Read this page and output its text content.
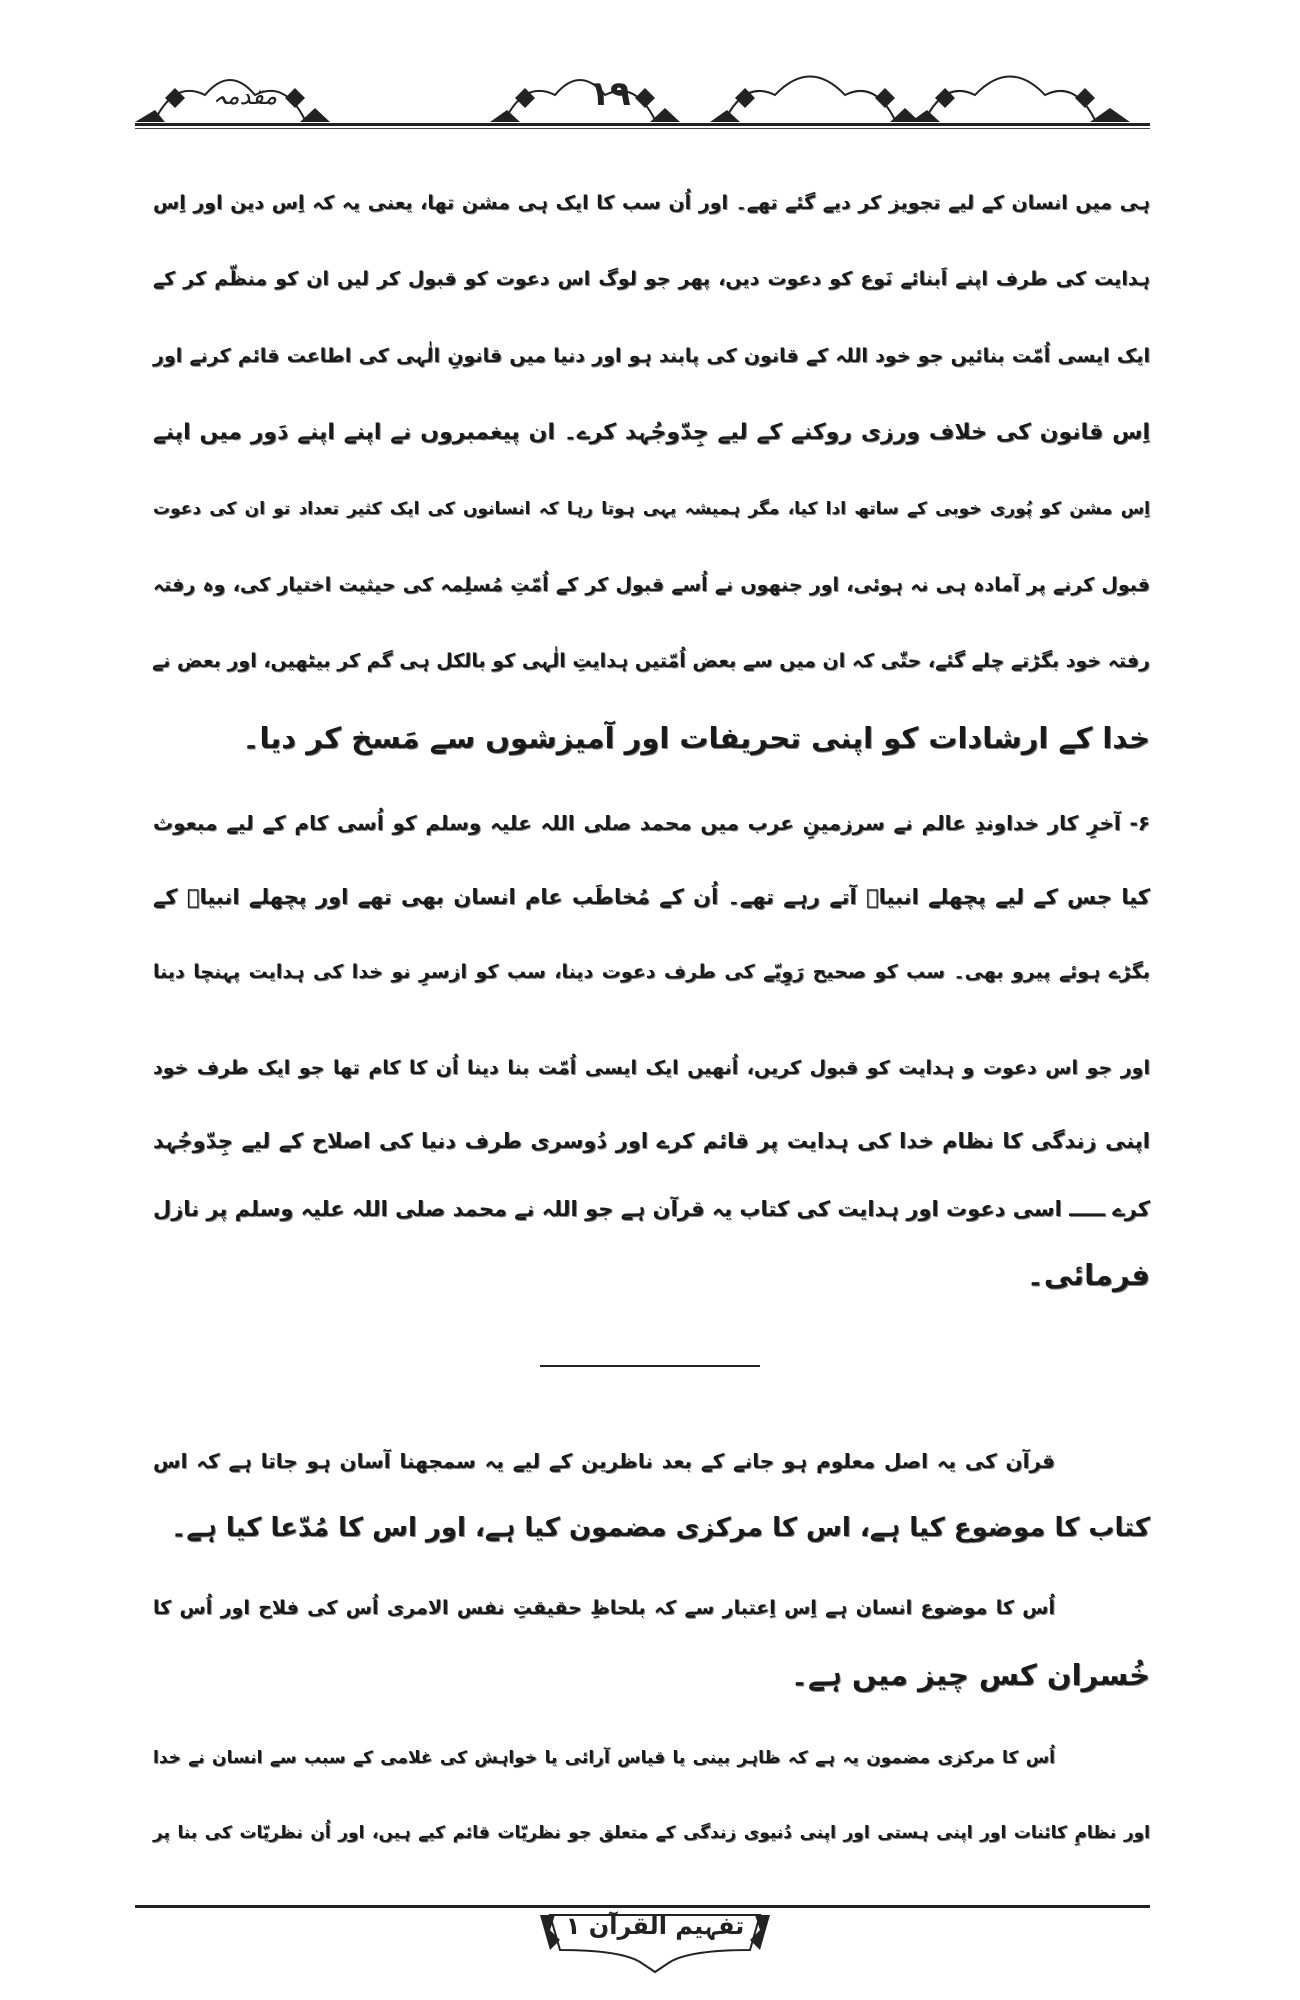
مقدمہ	۱۹
ہی میں انسان کے لیے تجویز کر دیے گئے تھے۔ اور اُن سب کا ایک ہی مشن تھا، یعنی یہ کہ اِس دین اور اِس
ہدایت کی طرف اپنے اَبنائے نَوع کو دعوت دیں، پھر جو لوگ اس دعوت کو قبول کر لیں ان کو منظّم کر کے
ایک ایسی اُمّت بنائیں جو خود اللہ کے قانون کی پابند ہو اور دنیا میں قانونِ الٰہی کی اطاعت قائم کرنے اور
اِس قانون کی خلاف ورزی روکنے کے لیے جِدّوجُہد کرے۔ ان پیغمبروں نے اپنے اپنے دَور میں اپنے
اِس مشن کو پُوری خوبی کے ساتھ ادا کیا، مگر ہمیشہ یہی ہوتا رہا کہ انسانوں کی ایک کثیر تعداد تو ان کی دعوت
قبول کرنے پر آمادہ ہی نہ ہوئی، اور جنھوں نے اُسے قبول کر کے اُمّتِ مُسلِمہ کی حیثیت اختیار کی، وہ رفتہ
رفتہ خود بگڑتے چلے گئے، حتّٰی کہ ان میں سے بعض اُمّتیں ہدایتِ الٰہی کو بالکل ہی گم کر بیٹھیں، اور بعض نے
خدا کے ارشادات کو اپنی تحریفات اور آمیزشوں سے مَسخ کر دیا۔
۶- آخرِ کار خداوندِ عالم نے سرزمینِ عرب میں محمد صلی اللہ علیہ وسلم کو اُسی کام کے لیے مبعوث
کیا جس کے لیے پچھلے انبیاؑ آتے رہے تھے۔ اُن کے مُخاطَب عام انسان بھی تھے اور پچھلے انبیاؑ کے
بگڑے ہوئے پیرو بھی۔ سب کو صحیح رَوِیّے کی طرف دعوت دینا، سب کو ازسرِ نو خدا کی ہدایت پہنچا دینا
اور جو اس دعوت و ہدایت کو قبول کریں، اُنھیں ایک ایسی اُمّت بنا دینا اُن کا کام تھا جو ایک طرف خود
اپنی زندگی کا نظام خدا کی ہدایت پر قائم کرے اور دُوسری طرف دنیا کی اصلاح کے لیے جِدّوجُہد
کرے ـــــ اسی دعوت اور ہدایت کی کتاب یہ قرآن ہے جو اللہ نے محمد صلی اللہ علیہ وسلم پر نازل
فرمائی۔
قرآن کی یہ اصل معلوم ہو جانے کے بعد ناظرین کے لیے یہ سمجھنا آسان ہو جاتا ہے کہ اس
کتاب کا موضوع کیا ہے، اس کا مرکزی مضمون کیا ہے، اور اس کا مُدّعا کیا ہے۔
اُس کا موضوع انسان ہے اِس اِعتبار سے کہ بلحاظِ حقیقتِ نفس الامری اُس کی فلاح اور اُس کا
خُسران کس چیز میں ہے۔
اُس کا مرکزی مضمون یہ ہے کہ ظاہر بینی یا قیاس آرائی یا خواہش کی غلامی کے سبب سے انسان نے خدا
اور نظامِ کائنات اور اپنی ہستی اور اپنی دُنیوی زندگی کے متعلق جو نظریّات قائم کیے ہیں، اور اُن نظریّات کی بنا پر
تفہیم القرآن ۱
